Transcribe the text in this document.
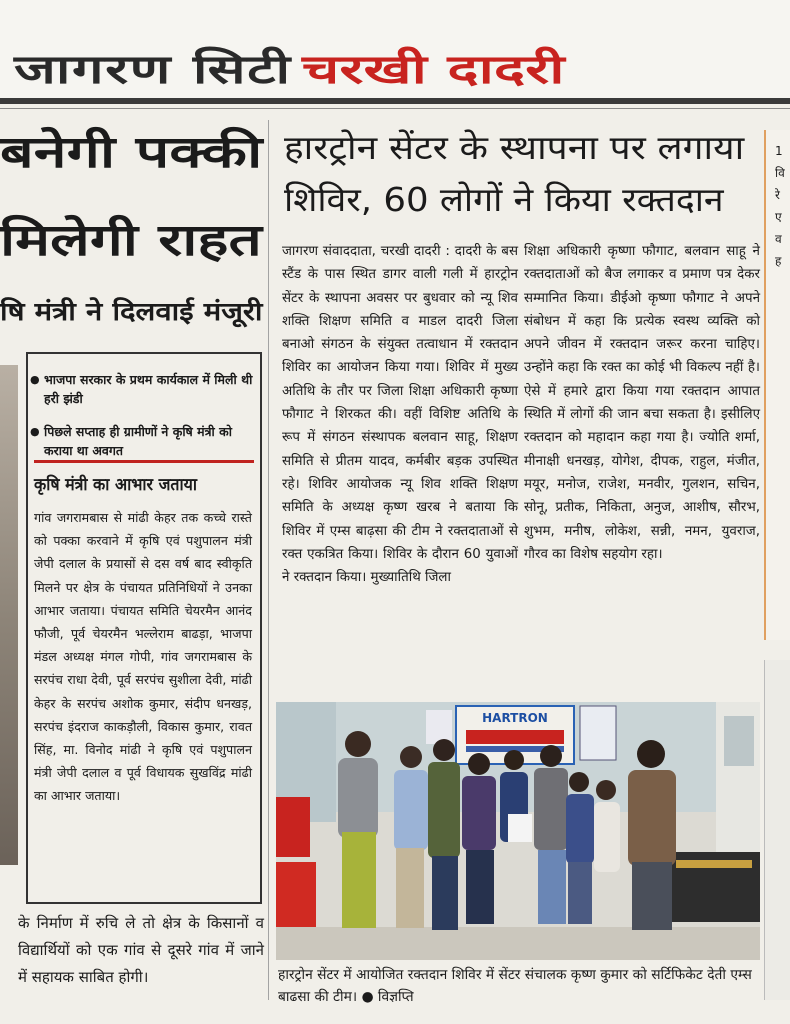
जागरण सिटी चरखी दादरी
बनेगी पक्की
मिलेगी राहत
षि मंत्री ने दिलवाई मंजूरी
● भाजपा सरकार के प्रथम कार्यकाल में मिली थी हरी झंडी
● पिछले सप्ताह ही ग्रामीणों ने कृषि मंत्री को कराया था अवगत
कृषि मंत्री का आभार जताया
गांव जगरामबास से मांढी केहर तक कच्चे रास्ते को पक्का करवाने में कृषि एवं पशुपालन मंत्री जेपी दलाल के प्रयासों से दस वर्ष बाद स्वीकृति मिलने पर क्षेत्र के पंचायत प्रतिनिधियों ने उनका आभार जताया। पंचायत समिति चेयरमैन आनंद फौजी, पूर्व चेयरमैन भल्लेराम बाढड़ा, भाजपा मंडल अध्यक्ष मंगल गोपी, गांव जगरामबास के सरपंच राधा देवी, पूर्व सरपंच सुशीला देवी, मांढी केहर के सरपंच अशोक कुमार, संदीप धनखड़, सरपंच इंदराज काकड़ौली, विकास कुमार, रावत सिंह, मा. विनोद मांढी ने कृषि एवं पशुपालन मंत्री जेपी दलाल व पूर्व विधायक सुखविंद्र मांढी का आभार जताया।
के निर्माण में रुचि ले तो क्षेत्र के किसानों व विद्यार्थियों को एक गांव से दूसरे गांव में जाने में सहायक साबित होगी।
हारट्रोन सेंटर के स्थापना पर लगाया
शिविर, 60 लोगों ने किया रक्तदान
जागरण संवाददाता, चरखी दादरी : दादरी के बस स्टैंड के पास स्थित डागर वाली गली में हारट्रोन सेंटर के स्थापना अवसर पर बुधवार को न्यू शिव शक्ति शिक्षण समिति व माडल दादरी जिला बनाओ संगठन के संयुक्त तत्वाधान में रक्तदान शिविर का आयोजन किया गया। शिविर में मुख्य अतिथि के तौर पर जिला शिक्षा अधिकारी कृष्णा फौगाट ने शिरकत की। वहीं विशिष्ट अतिथि के रूप में संगठन संस्थापक बलवान साहू, शिक्षण समिति से प्रीतम यादव, कर्मबीर बड़क उपस्थित रहे। शिविर आयोजक न्यू शिव शक्ति शिक्षण समिति के अध्यक्ष कृष्ण खरब ने बताया कि शिविर में एम्स बाढ़सा की टीम ने रक्तदाताओं से रक्त एकत्रित किया। शिविर के दौरान 60 युवाओं ने रक्तदान किया। मुख्यातिथि जिला
शिक्षा अधिकारी कृष्णा फौगाट, बलवान साहू ने रक्तदाताओं को बैज लगाकर व प्रमाण पत्र देकर सम्मानित किया। डीईओ कृष्णा फौगाट ने अपने संबोधन में कहा कि प्रत्येक स्वस्थ व्यक्ति को अपने जीवन में रक्तदान जरूर करना चाहिए। उन्होंने कहा कि रक्त का कोई भी विकल्प नहीं है। ऐसे में हमारे द्वारा किया गया रक्तदान आपात स्थिति में लोगों की जान बचा सकता है। इसीलिए रक्तदान को महादान कहा गया है। ज्योति शर्मा, मीनाक्षी धनखड़, योगेश, दीपक, राहुल, मंजीत, मयूर, मनोज, राजेश, मनवीर, गुलशन, सचिन, सोनू, प्रतीक, निकिता, अनुज, आशीष, सौरभ, शुभम, मनीष, लोकेश, सन्नी, नमन, युवराज, गौरव का विशेष सहयोग रहा।
HARTRON
हारट्रोन सेंटर में आयोजित रक्तदान शिविर में सेंटर संचालक कृष्ण कुमार को सर्टिफिकेट देती एम्स बाढसा की टीम। ● विज्ञप्ति
1 वि रे ए व ह
